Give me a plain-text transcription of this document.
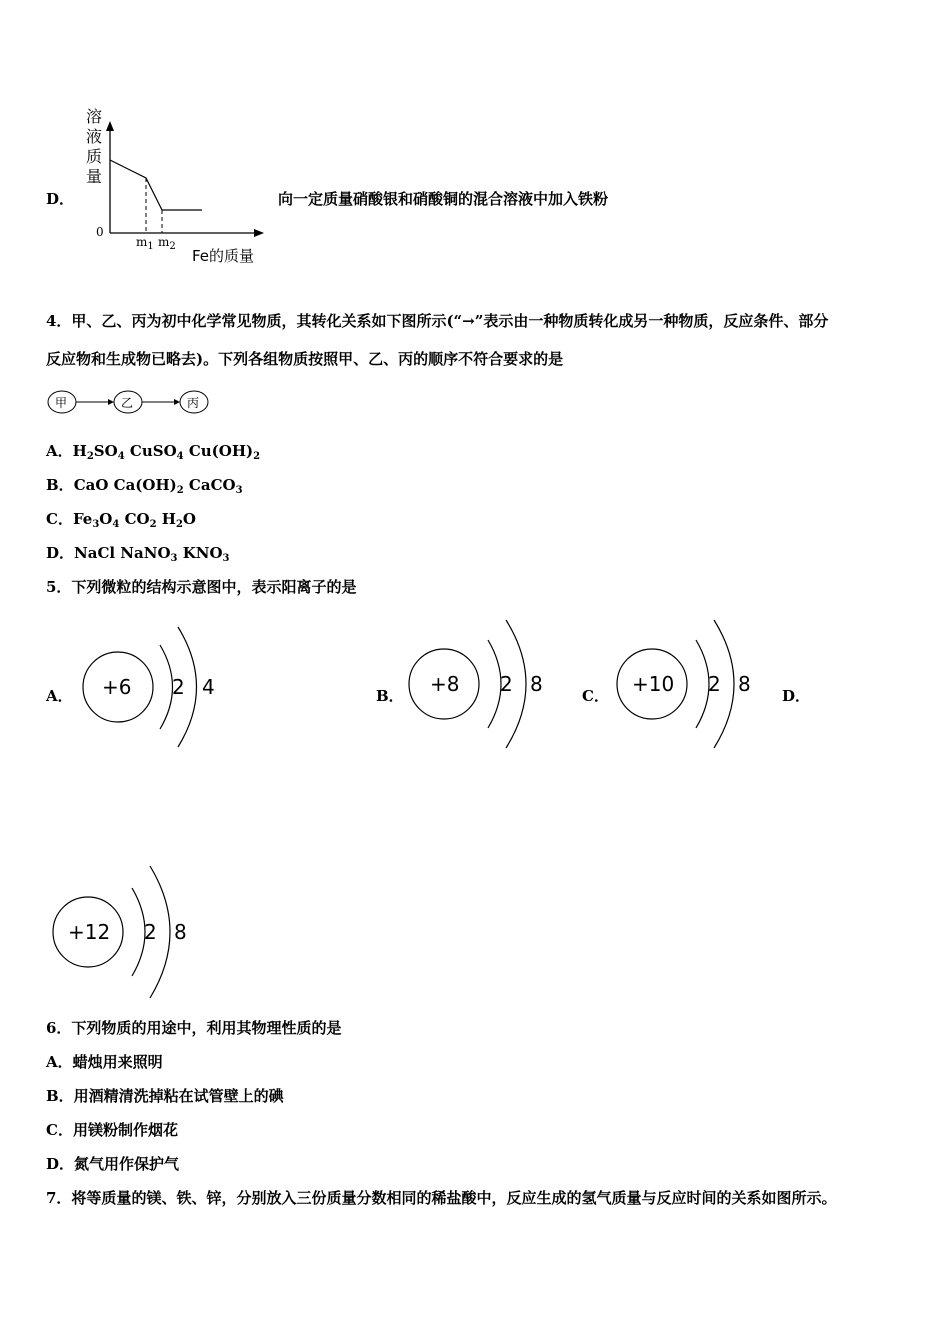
D．
溶
液
质
量
0
$m_1$ $m_2$
Fe的质量
向一定质量硝酸银和硝酸铜的混合溶液中加入铁粉
4．甲、乙、丙为初中化学常见物质，其转化关系如下图所示(“→”表示由一种物质转化成另一种物质，反应条件、部分
反应物和生成物已略去)。下列各组物质按照甲、乙、丙的顺序不符合要求的是
甲	乙	丙
A．$H_2SO_4$ CuSO$_4$ $Cu(OH)_2$
B．CaO $Ca(OH)_2$ CaCO$_3$
C．$Fe_3O_4$ $CO_2$ $H_2O$
D．NaCl NaNO$_3$ $KNO_3$
5．下列微粒的结构示意图中，表示阳离子的是
A． +6 2 4	B． +8 2 8	C． +10 2 8 D．
+12 2 8
6．下列物质的用途中，利用其物理性质的是
A．蜡烛用来照明
B．用酒精清洗掉粘在试管壁上的碘
C．用镁粉制作烟花
D．氮气用作保护气
7．将等质量的镁、铁、锌，分别放入三份质量分数相同的稀盐酸中，反应生成的氢气质量与反应时间的关系如图所示。
